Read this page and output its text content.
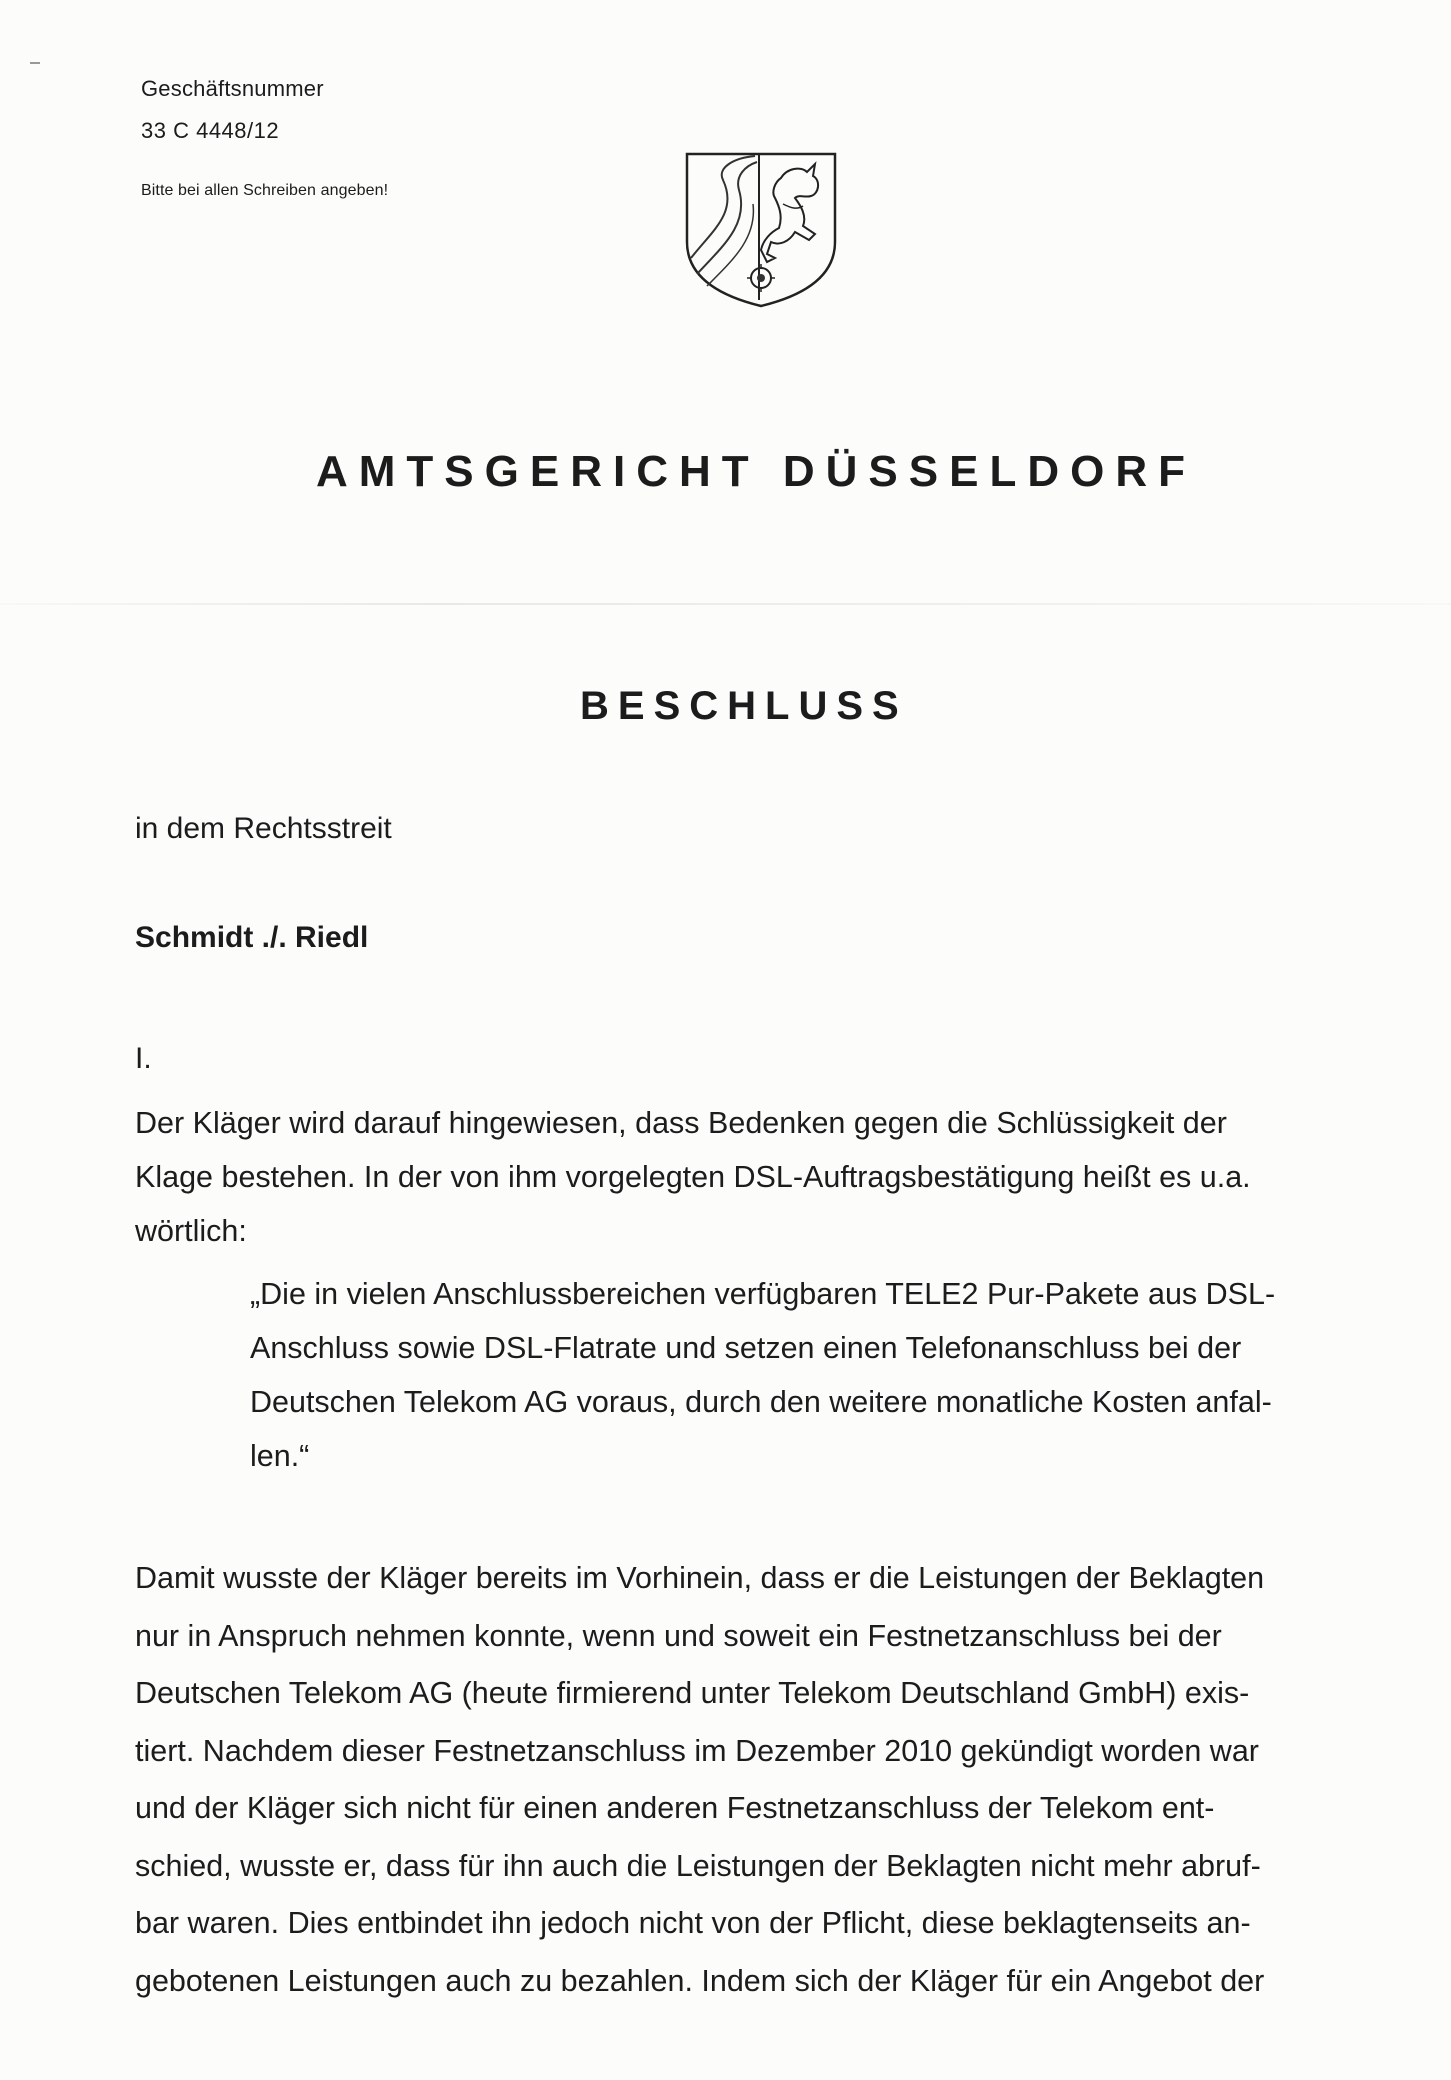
Geschäftsnummer
33 C 4448/12
Bitte bei allen Schreiben angeben!
AMTSGERICHT DÜSSELDORF
BESCHLUSS
in dem Rechtsstreit
Schmidt ./. Riedl
I.
Der Kläger wird darauf hingewiesen, dass Bedenken gegen die Schlüssigkeit der
Klage bestehen. In der von ihm vorgelegten DSL-Auftragsbestätigung heißt es u.a.
wörtlich:
„Die in vielen Anschlussbereichen verfügbaren TELE2 Pur-Pakete aus DSL-
Anschluss sowie DSL-Flatrate und setzen einen Telefonanschluss bei der
Deutschen Telekom AG voraus, durch den weitere monatliche Kosten anfal-
len.“
Damit wusste der Kläger bereits im Vorhinein, dass er die Leistungen der Beklagten
nur in Anspruch nehmen konnte, wenn und soweit ein Festnetzanschluss bei der
Deutschen Telekom AG (heute firmierend unter Telekom Deutschland GmbH) exis-
tiert. Nachdem dieser Festnetzanschluss im Dezember 2010 gekündigt worden war
und der Kläger sich nicht für einen anderen Festnetzanschluss der Telekom ent-
schied, wusste er, dass für ihn auch die Leistungen der Beklagten nicht mehr abruf-
bar waren. Dies entbindet ihn jedoch nicht von der Pflicht, diese beklagtenseits an-
gebotenen Leistungen auch zu bezahlen. Indem sich der Kläger für ein Angebot der
